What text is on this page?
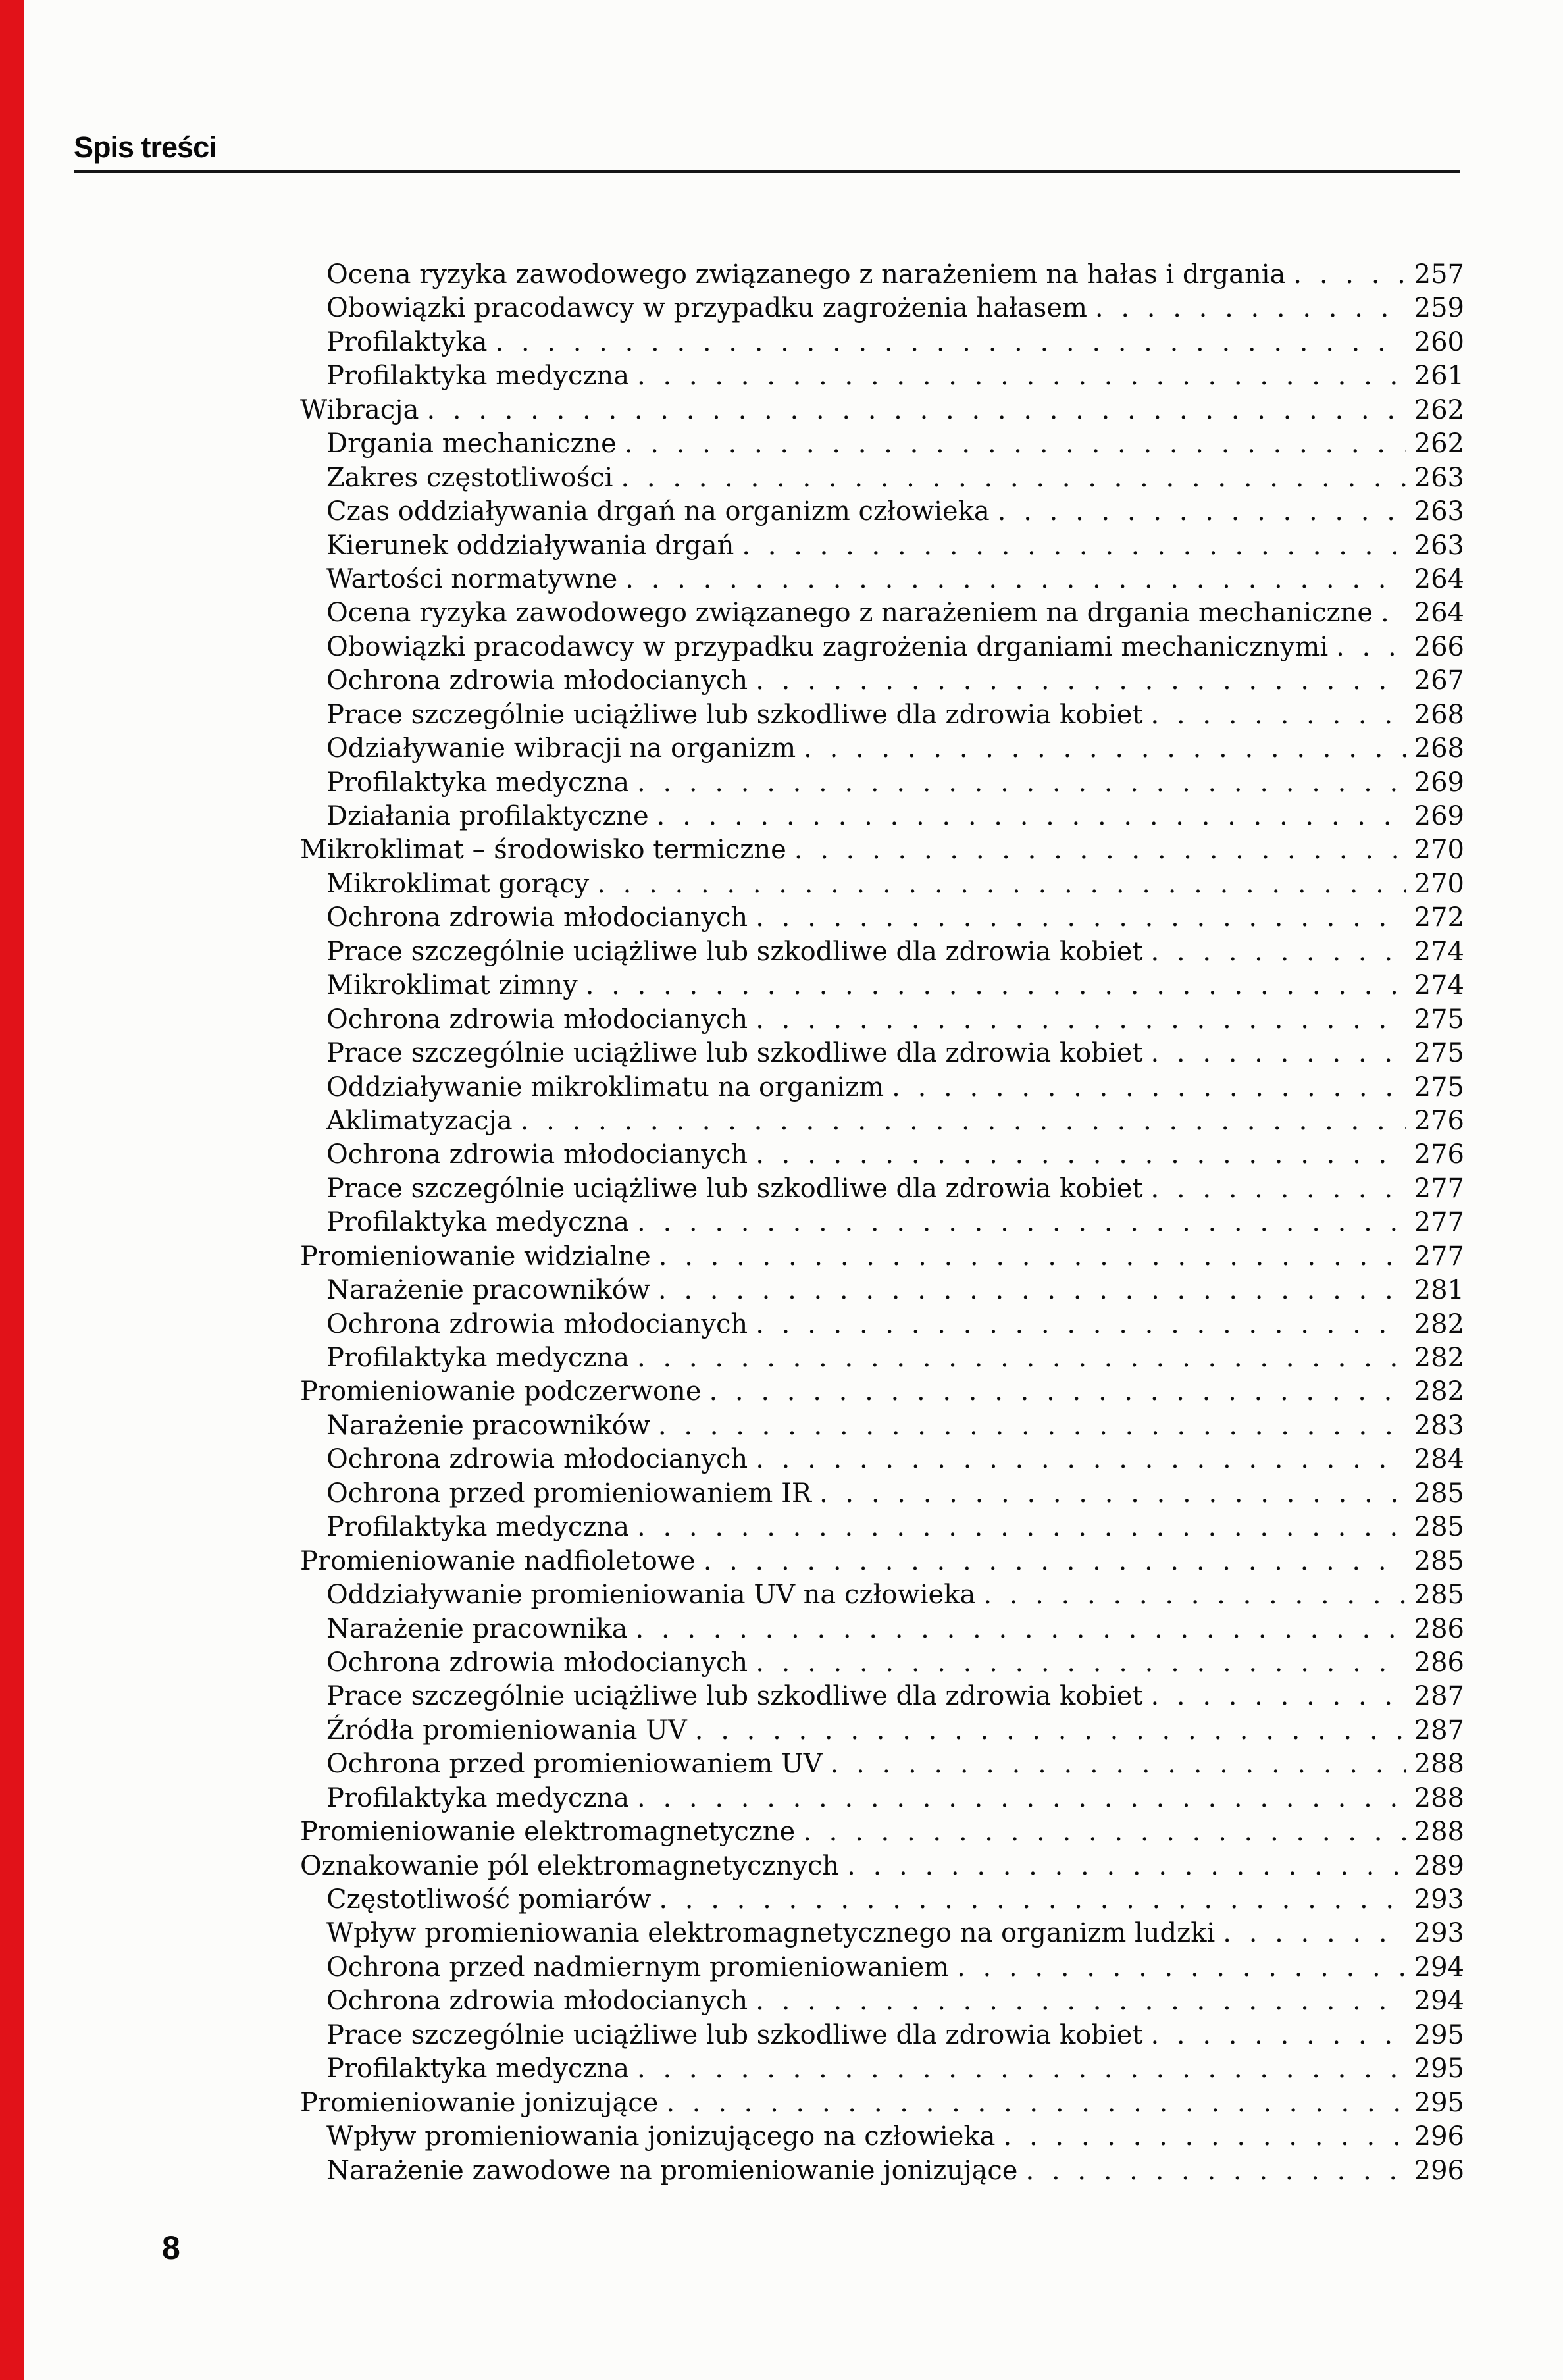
Spis treści
Ocena ryzyka zawodowego związanego z narażeniem na hałas i drgania . . .	257
Obowiązki pracodawcy w przypadku zagrożenia hałasem . . .	259
Profilaktyka . . .	260
Profilaktyka medyczna . . .	261
Wibracja . . .	262
Drgania mechaniczne . . .	262
Zakres częstotliwości . . .	263
Czas oddziaływania drgań na organizm człowieka . . .	263
Kierunek oddziaływania drgań . . .	263
Wartości normatywne . . .	264
Ocena ryzyka zawodowego związanego z narażeniem na drgania mechaniczne . . . 264
Obowiązki pracodawcy w przypadku zagrożenia drganiami mechanicznymi . . .	266
Ochrona zdrowia młodocianych . . .	267
Prace szczególnie uciążliwe lub szkodliwe dla zdrowia kobiet . . .	268
Odziaływanie wibracji na organizm . . .	268
Profilaktyka medyczna . . .	269
Działania profilaktyczne . . .	269
Mikroklimat – środowisko termiczne . . .	270
Mikroklimat gorący . . .	270
Ochrona zdrowia młodocianych . . .	272
Prace szczególnie uciążliwe lub szkodliwe dla zdrowia kobiet . . .	274
Mikroklimat zimny . . .	274
Ochrona zdrowia młodocianych . . .	275
Prace szczególnie uciążliwe lub szkodliwe dla zdrowia kobiet . . .	275
Oddziaływanie mikroklimatu na organizm . . .	275
Aklimatyzacja . . .	276
Ochrona zdrowia młodocianych . . .	276
Prace szczególnie uciążliwe lub szkodliwe dla zdrowia kobiet . . .	277
Profilaktyka medyczna . . .	277
Promieniowanie widzialne . . .	277
Narażenie pracowników . . .	281
Ochrona zdrowia młodocianych . . .	282
Profilaktyka medyczna . . .	282
Promieniowanie podczerwone . . .	282
Narażenie pracowników . . .	283
Ochrona zdrowia młodocianych . . .	284
Ochrona przed promieniowaniem IR . . .	285
Profilaktyka medyczna . . .	285
Promieniowanie nadfioletowe . . .	285
Oddziaływanie promieniowania UV na człowieka . . .	285
Narażenie pracownika . . .	286
Ochrona zdrowia młodocianych . . .	286
Prace szczególnie uciążliwe lub szkodliwe dla zdrowia kobiet . . .	287
Źródła promieniowania UV . . .	287
Ochrona przed promieniowaniem UV . . .	288
Profilaktyka medyczna . . .	288
Promieniowanie elektromagnetyczne . . .	288
Oznakowanie pól elektromagnetycznych . . .	289
Częstotliwość pomiarów . . .	293
Wpływ promieniowania elektromagnetycznego na organizm ludzki . . .	293
Ochrona przed nadmiernym promieniowaniem . . .	294
Ochrona zdrowia młodocianych . . .	294
Prace szczególnie uciążliwe lub szkodliwe dla zdrowia kobiet . . .	295
Profilaktyka medyczna . . .	295
Promieniowanie jonizujące . . .	295
Wpływ promieniowania jonizującego na człowieka . . .	296
Narażenie zawodowe na promieniowanie jonizujące . . .	296
8
